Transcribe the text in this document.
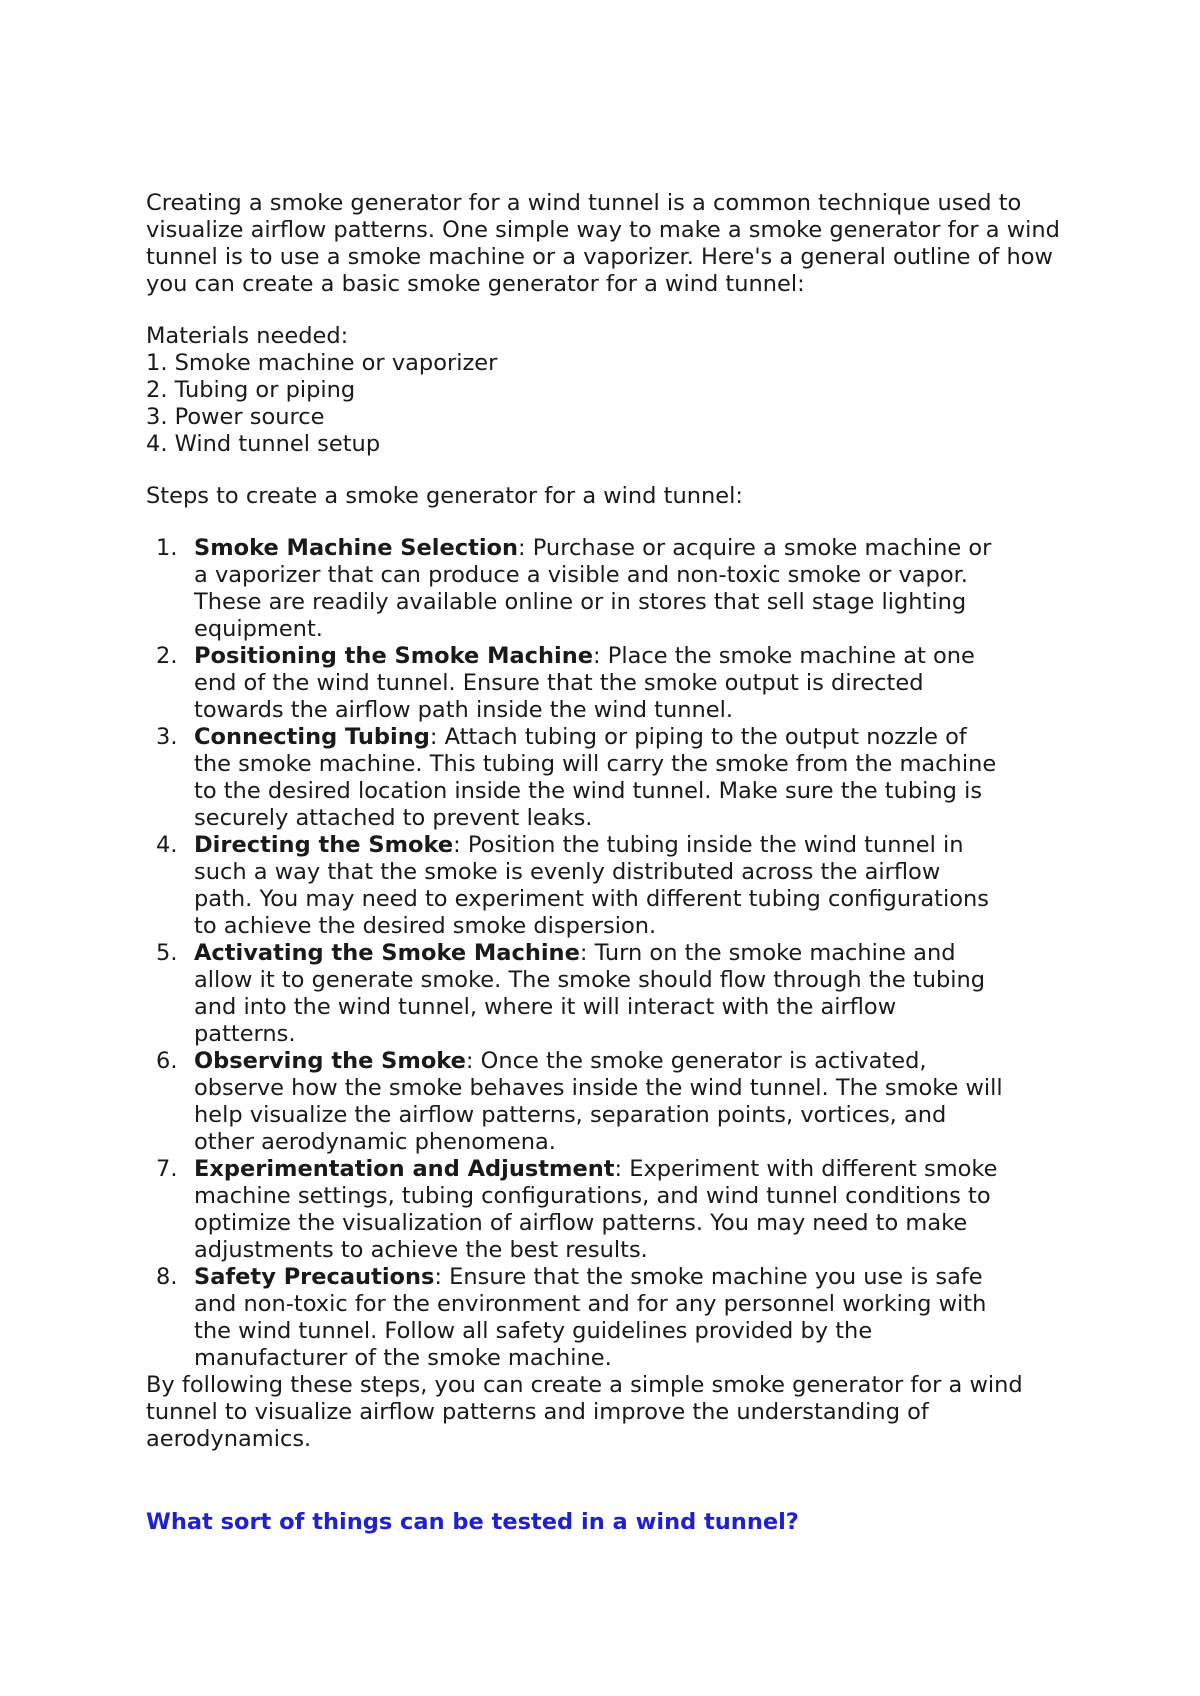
Creating a smoke generator for a wind tunnel is a common technique used to visualize airflow patterns. One simple way to make a smoke generator for a wind tunnel is to use a smoke machine or a vaporizer. Here's a general outline of how you can create a basic smoke generator for a wind tunnel:

Materials needed:

1. Smoke machine or vaporizer
2. Tubing or piping
3. Power source
4. Wind tunnel setup

Steps to create a smoke generator for a wind tunnel:

1. Smoke Machine Selection: Purchase or acquire a smoke machine or a vaporizer that can produce a visible and non-toxic smoke or vapor. These are readily available online or in stores that sell stage lighting equipment.
2. Positioning the Smoke Machine: Place the smoke machine at one end of the wind tunnel. Ensure that the smoke output is directed towards the airflow path inside the wind tunnel.
3. Connecting Tubing: Attach tubing or piping to the output nozzle of the smoke machine. This tubing will carry the smoke from the machine to the desired location inside the wind tunnel. Make sure the tubing is securely attached to prevent leaks.
4. Directing the Smoke: Position the tubing inside the wind tunnel in such a way that the smoke is evenly distributed across the airflow path. You may need to experiment with different tubing configurations to achieve the desired smoke dispersion.
5. Activating the Smoke Machine: Turn on the smoke machine and allow it to generate smoke. The smoke should flow through the tubing and into the wind tunnel, where it will interact with the airflow patterns.
6. Observing the Smoke: Once the smoke generator is activated, observe how the smoke behaves inside the wind tunnel. The smoke will help visualize the airflow patterns, separation points, vortices, and other aerodynamic phenomena.
7. Experimentation and Adjustment: Experiment with different smoke machine settings, tubing configurations, and wind tunnel conditions to optimize the visualization of airflow patterns. You may need to make adjustments to achieve the best results.
8. Safety Precautions: Ensure that the smoke machine you use is safe and non-toxic for the environment and for any personnel working with the wind tunnel. Follow all safety guidelines provided by the manufacturer of the smoke machine.

By following these steps, you can create a simple smoke generator for a wind tunnel to visualize airflow patterns and improve the understanding of aerodynamics.

What sort of things can be tested in a wind tunnel?
